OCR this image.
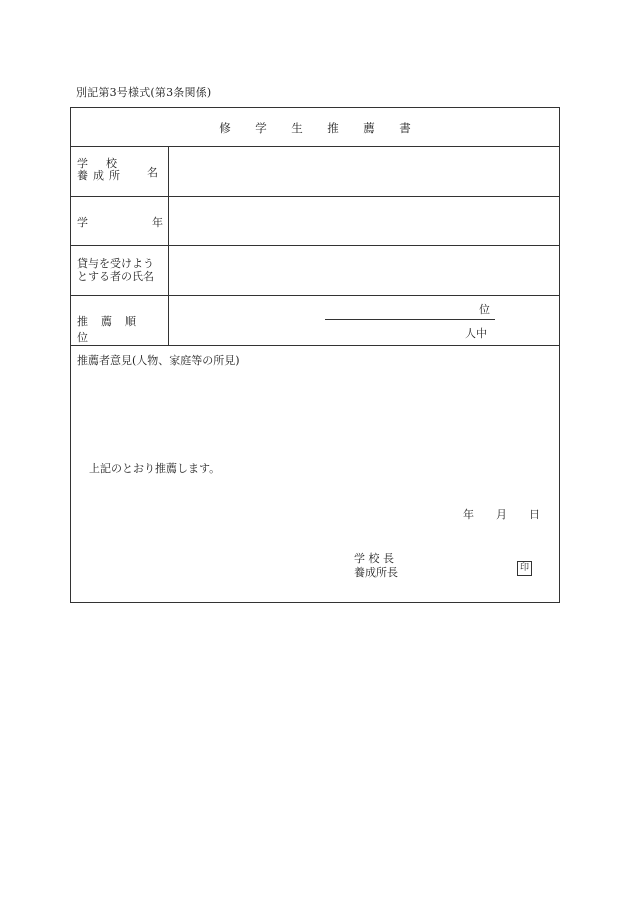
別記第3号様式(第3条関係)
修 学 生 推 薦 書
学校
養成所 名
学	年
貸与を受けよう
とする者の氏名
推薦順位
位
人中
推薦者意見(人物、家庭等の所見)
上記のとおり推薦します。
年 月 日
学 校 長
養成所長	印
